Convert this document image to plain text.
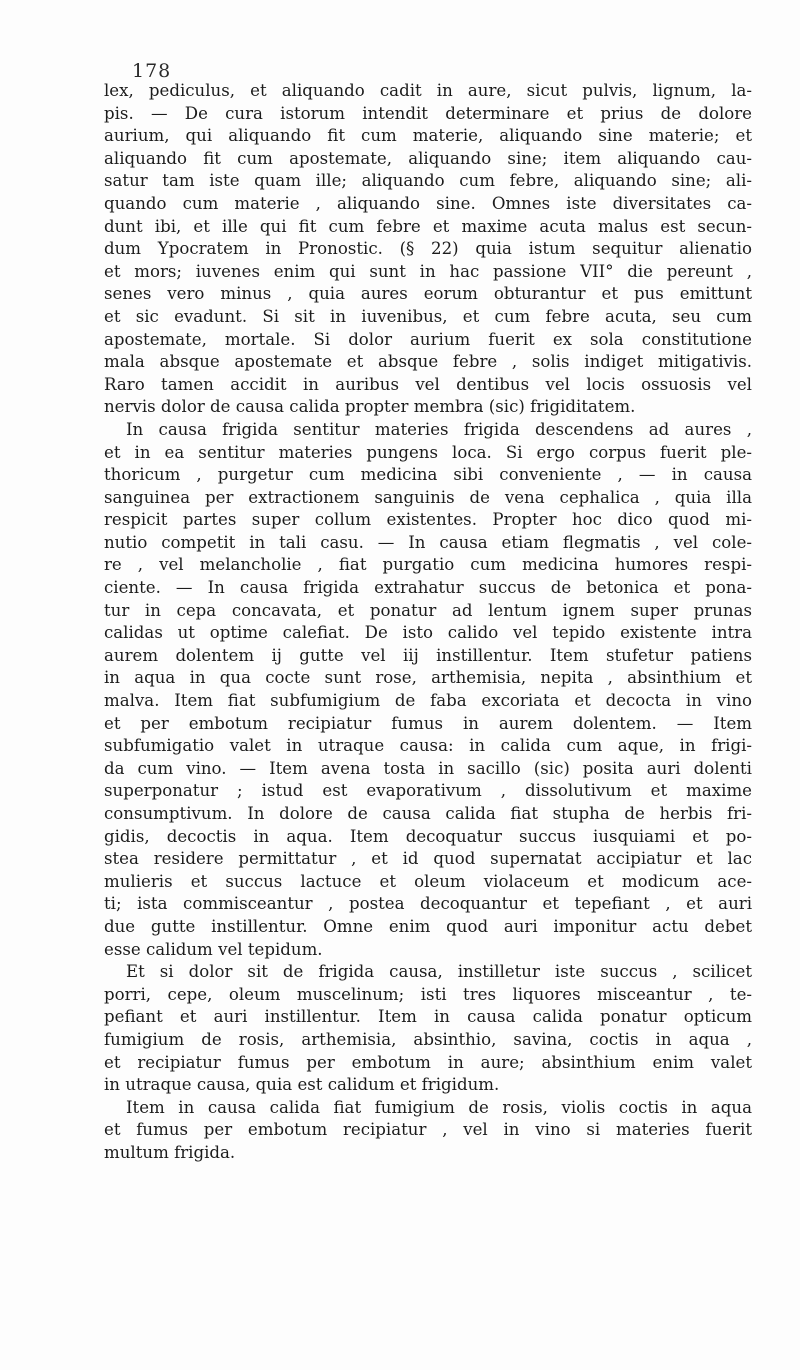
178
lex, pediculus, et aliquando cadit in aure, sicut pulvis, lignum, la-
pis. — De cura istorum intendit determinare et prius de dolore
aurium, qui aliquando fit cum materie, aliquando sine materie; et
aliquando fit cum apostemate, aliquando sine; item aliquando cau-
satur tam iste quam ille; aliquando cum febre, aliquando sine; ali-
quando cum materie , aliquando sine. Omnes iste diversitates ca-
dunt ibi, et ille qui fit cum febre et maxime acuta malus est secun-
dum Ypocratem in Pronostic. (§ 22) quia istum sequitur alienatio
et mors; iuvenes enim qui sunt in hac passione VII° die pereunt ,
senes vero minus , quia aures eorum obturantur et pus emittunt
et sic evadunt. Si sit in iuvenibus, et cum febre acuta, seu cum
apostemate, mortale. Si dolor aurium fuerit ex sola constitutione
mala absque apostemate et absque febre , solis indiget mitigativis.
Raro tamen accidit in auribus vel dentibus vel locis ossuosis vel
nervis dolor de causa calida propter membra (sic) frigiditatem.
In causa frigida sentitur materies frigida descendens ad aures ,
et in ea sentitur materies pungens loca. Si ergo corpus fuerit ple-
thoricum , purgetur cum medicina sibi conveniente , — in causa
sanguinea per extractionem sanguinis de vena cephalica , quia illa
respicit partes super collum existentes. Propter hoc dico quod mi-
nutio competit in tali casu. — In causa etiam flegmatis , vel cole-
re , vel melancholie , fiat purgatio cum medicina humores respi-
ciente. — In causa frigida extrahatur succus de betonica et pona-
tur in cepa concavata, et ponatur ad lentum ignem super prunas
calidas ut optime calefiat. De isto calido vel tepido existente intra
aurem dolentem ij gutte vel iij instillentur. Item stufetur patiens
in aqua in qua cocte sunt rose, arthemisia, nepita , absinthium et
malva. Item fiat subfumigium de faba excoriata et decocta in vino
et per embotum recipiatur fumus in aurem dolentem. — Item
subfumigatio valet in utraque causa: in calida cum aque, in frigi-
da cum vino. — Item avena tosta in sacillo (sic) posita auri dolenti
superponatur ; istud est evaporativum , dissolutivum et maxime
consumptivum. In dolore de causa calida fiat stupha de herbis fri-
gidis, decoctis in aqua. Item decoquatur succus iusquiami et po-
stea residere permittatur , et id quod supernatat accipiatur et lac
mulieris et succus lactuce et oleum violaceum et modicum ace-
ti; ista commisceantur , postea decoquantur et tepefiant , et auri
due gutte instillentur. Omne enim quod auri imponitur actu debet
esse calidum vel tepidum.
Et si dolor sit de frigida causa, instilletur iste succus , scilicet
porri, cepe, oleum muscelinum; isti tres liquores misceantur , te-
pefiant et auri instillentur. Item in causa calida ponatur opticum
fumigium de rosis, arthemisia, absinthio, savina, coctis in aqua ,
et recipiatur fumus per embotum in aure; absinthium enim valet
in utraque causa, quia est calidum et frigidum.
Item in causa calida fiat fumigium de rosis, violis coctis in aqua
et fumus per embotum recipiatur , vel in vino si materies fuerit
multum frigida.
